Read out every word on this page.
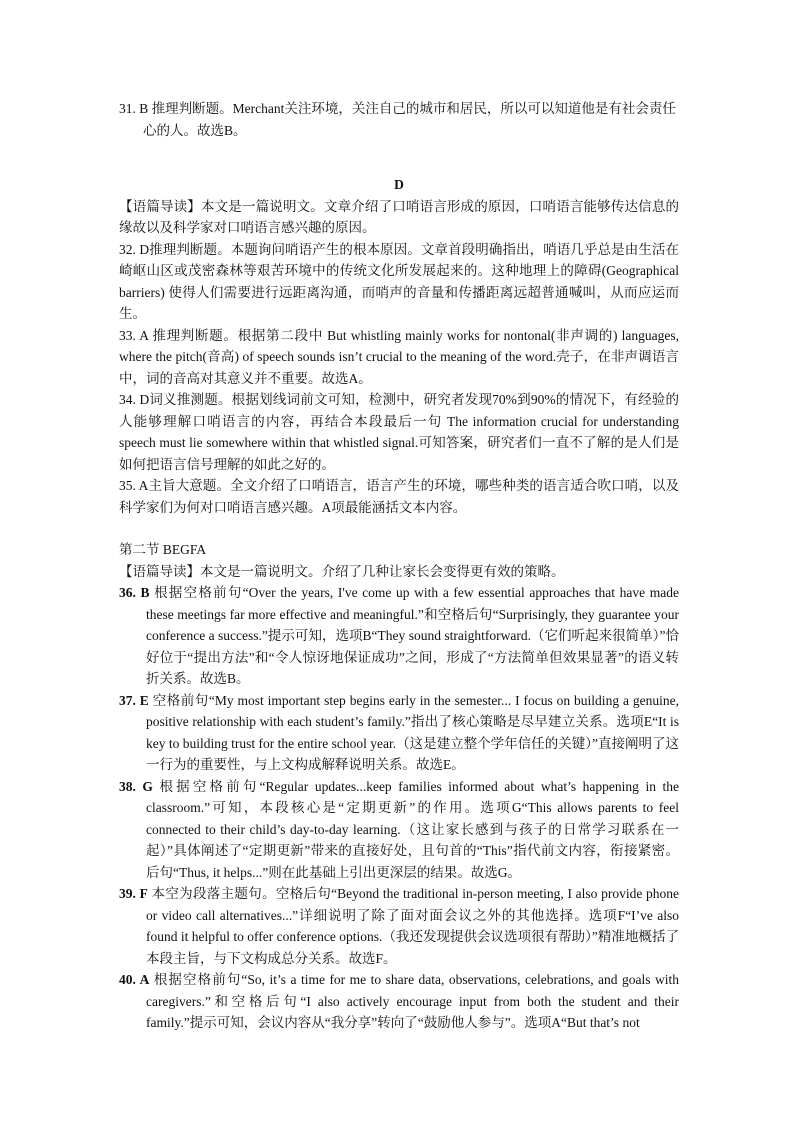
31. B 推理判断题。Merchant关注环境，关注自己的城市和居民，所以可以知道他是有社会责任心的人。故选B。

D

【语篇导读】本文是一篇说明文。文章介绍了口哨语言形成的原因，口哨语言能够传达信息的缘故以及科学家对口哨语言感兴趣的原因。

32. D推理判断题。本题询问哨语产生的根本原因。文章首段明确指出，哨语几乎总是由生活在崎岖山区或茂密森林等艰苦环境中的传统文化所发展起来的。这种地理上的障碍(Geographical barriers) 使得人们需要进行远距离沟通，而哨声的音量和传播距离远超普通喊叫，从而应运而生。

33. A 推理判断题。根据第二段中 But whistling mainly works for nontonal(非声调的) languages, where the pitch(音高) of speech sounds isn’t crucial to the meaning of the word.壳子，在非声调语言中，词的音高对其意义并不重要。故选A。

34. D词义推测题。根据划线词前文可知，检测中，研究者发现70%到90%的情况下，有经验的人能够理解口哨语言的内容，再结合本段最后一句 The information crucial for understanding speech must lie somewhere within that whistled signal.可知答案，研究者们一直不了解的是人们是如何把语言信号理解的如此之好的。

35. A主旨大意题。全文介绍了口哨语言，语言产生的环境，哪些种类的语言适合吹口哨，以及科学家们为何对口哨语言感兴趣。A项最能涵括文本内容。

第二节 BEGFA

【语篇导读】本文是一篇说明文。介绍了几种让家长会变得更有效的策略。

36. B 根据空格前句“Over the years, I've come up with a few essential approaches that have made these meetings far more effective and meaningful.”和空格后句“Surprisingly, they guarantee your conference a success.”提示可知，选项B“They sound straightforward.（它们听起来很简单）”恰好位于“提出方法”和“令人惊讶地保证成功”之间，形成了“方法简单但效果显著”的语义转折关系。故选B。

37. E 空格前句“My most important step begins early in the semester... I focus on building a genuine, positive relationship with each student’s family.”指出了核心策略是尽早建立关系。选项E“It is key to building trust for the entire school year.（这是建立整个学年信任的关键）”直接阐明了这一行为的重要性，与上文构成解释说明关系。故选E。

38. G 根据空格前句“Regular updates...keep families informed about what’s happening in the classroom.”可知，本段核心是“定期更新”的作用。选项G“This allows parents to feel connected to their child’s day-to-day learning.（这让家长感到与孩子的日常学习联系在一起）”具体阐述了“定期更新”带来的直接好处，且句首的“This”指代前文内容，衔接紧密。后句“Thus, it helps...”则在此基础上引出更深层的结果。故选G。

39. F 本空为段落主题句。空格后句“Beyond the traditional in-person meeting, I also provide phone or video call alternatives...”详细说明了除了面对面会议之外的其他选择。选项F“I’ve also found it helpful to offer conference options.（我还发现提供会议选项很有帮助）”精准地概括了本段主旨，与下文构成总分关系。故选F。

40. A 根据空格前句“So, it’s a time for me to share data, observations, celebrations, and goals with caregivers.”和空格后句“I also actively encourage input from both the student and their family.”提示可知，会议内容从“我分享”转向了“鼓励他人参与”。选项A“But that’s not
